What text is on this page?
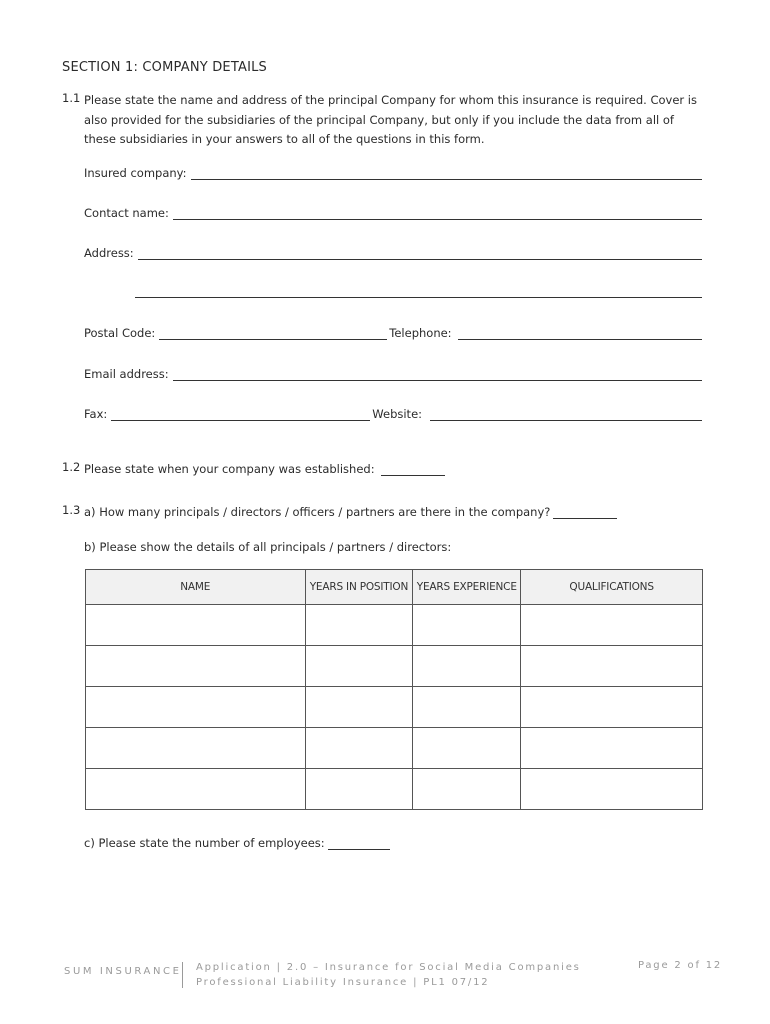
SECTION 1: COMPANY DETAILS
1.1 Please state the name and address of the principal Company for whom this insurance is required. Cover is also provided for the subsidiaries of the principal Company, but only if you include the data from all of these subsidiaries in your answers to all of the questions in this form.
Insured company:
Contact name:
Address:
Postal Code:	Telephone:
Email address:
Fax:	Website:
1.2 Please state when your company was established:
1.3 a) How many principals / directors / officers / partners are there in the company?
b) Please show the details of all principals / partners / directors:
NAME	YEARS IN POSITION	YEARS EXPERIENCE	QUALIFICATIONS

c) Please state the number of employees:
SUM INSURANCE Application | 2.0 – Insurance for Social Media Companies
Professional Liability Insurance | PL1 07/12
Page 2 of 12
